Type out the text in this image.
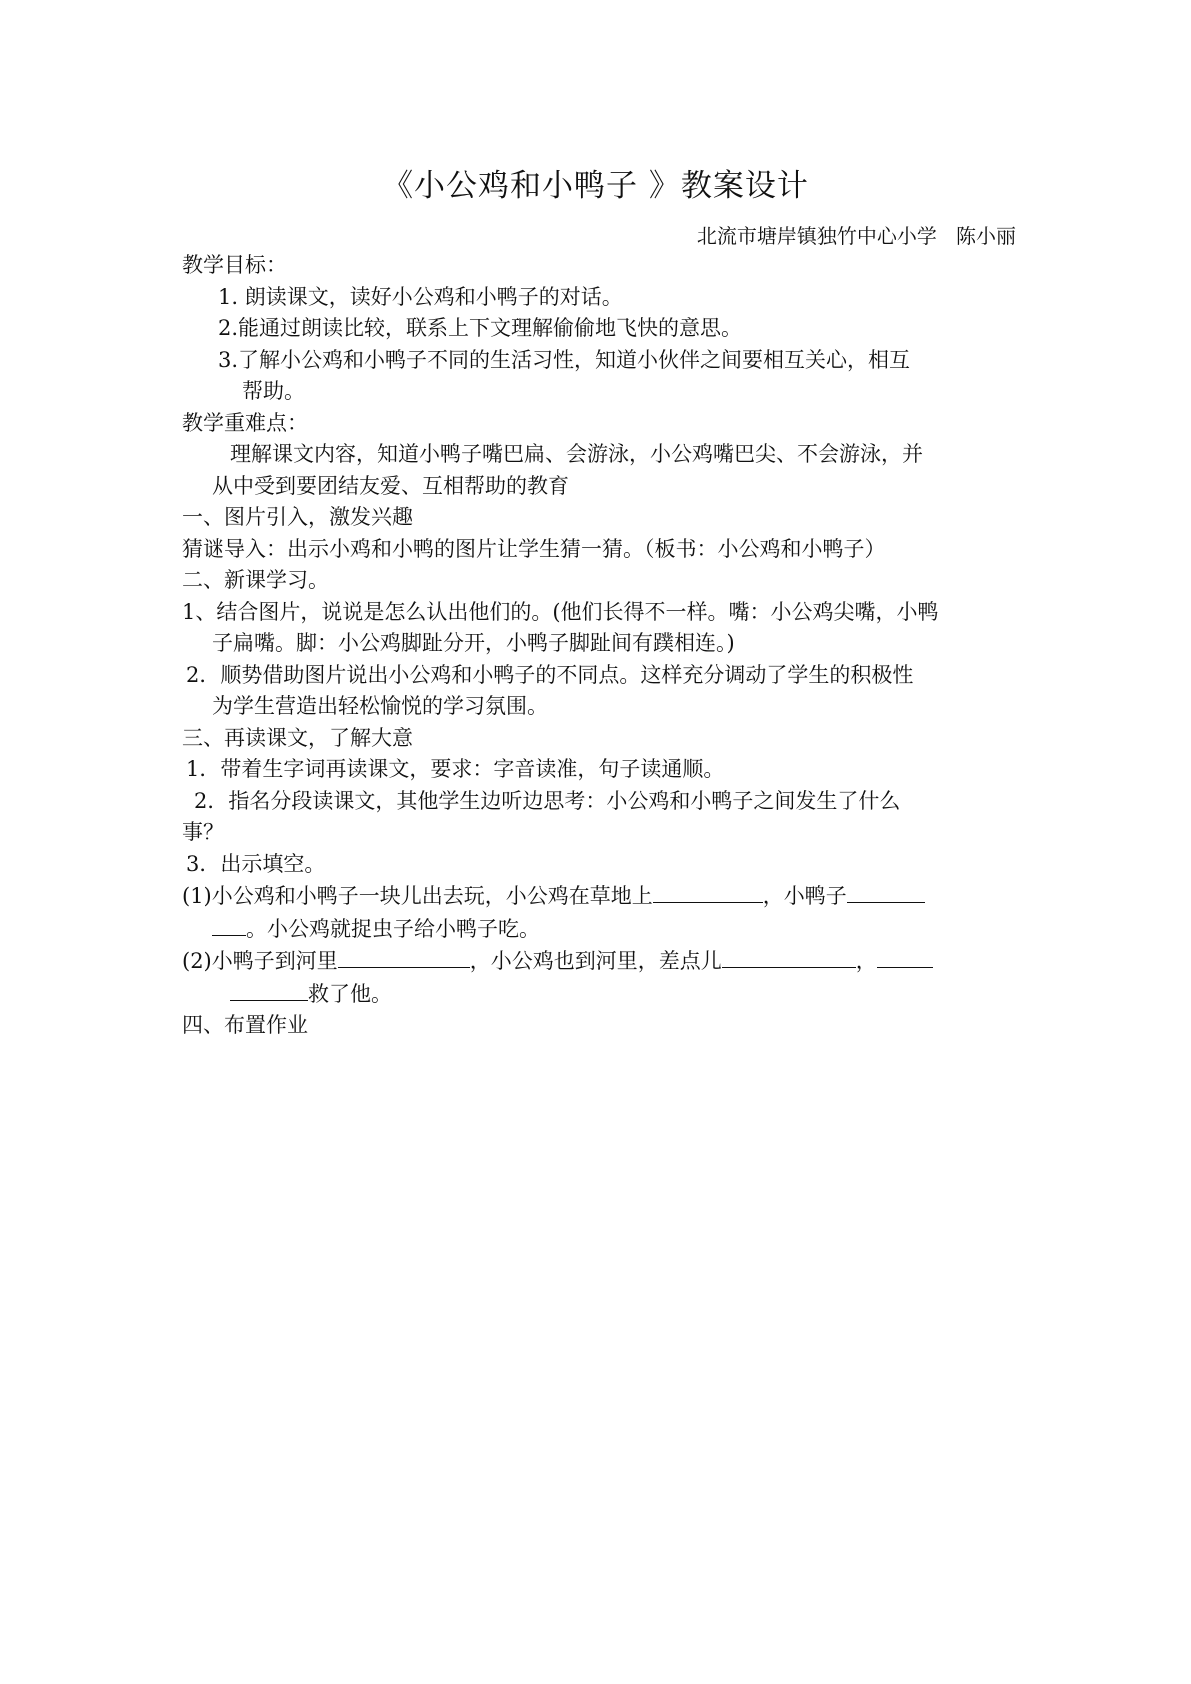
《小公鸡和小鸭子 》教案设计
北流市塘岸镇独竹中心小学   陈小丽
教学目标：
1. 朗读课文，读好小公鸡和小鸭子的对话。
2.能通过朗读比较，联系上下文理解偷偷地飞快的意思。
3.了解小公鸡和小鸭子不同的生活习性，知道小伙伴之间要相互关心，相互
帮助。
教学重难点：
理解课文内容，知道小鸭子嘴巴扁、会游泳，小公鸡嘴巴尖、不会游泳，并
从中受到要团结友爱、互相帮助的教育
一、图片引入，激发兴趣
猜谜导入：出示小鸡和小鸭的图片让学生猜一猜。（板书：小公鸡和小鸭子）
二、新课学习。
1、结合图片，说说是怎么认出他们的。(他们长得不一样。嘴：小公鸡尖嘴，小鸭
子扁嘴。脚：小公鸡脚趾分开，小鸭子脚趾间有蹼相连。)
2．顺势借助图片说出小公鸡和小鸭子的不同点。这样充分调动了学生的积极性
为学生营造出轻松愉悦的学习氛围。
三、再读课文，了解大意
1．带着生字词再读课文，要求：字音读准，句子读通顺。
2．指名分段读课文，其他学生边听边思考：小公鸡和小鸭子之间发生了什么
事？
3．出示填空。
(1)小公鸡和小鸭子一块儿出去玩，小公鸡在草地上	，小鸭子
。小公鸡就捉虫子给小鸭子吃。
(2)小鸭子到河里	，小公鸡也到河里，差点儿	，
救了他。
四、布置作业
